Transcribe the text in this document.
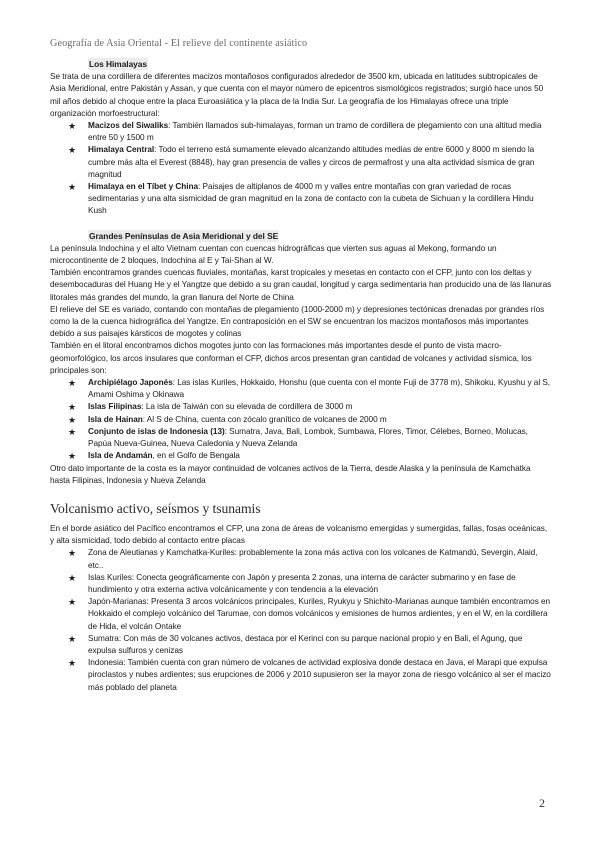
Geografía de Asia Oriental - El relieve del continente asiático
Los Himalayas

Se trata de una cordillera de diferentes macizos montañosos configurados alrededor de 3500 km, ubicada en latitudes subtropicales de Asia Meridional, entre Pakistán y Assan, y que cuenta con el mayor número de epicentros sismológicos registrados; surgió hace unos 50 mil años debido al choque entre la placa Euroasiática y la placa de la India Sur. La geografía de los Himalayas ofrece una triple organización morfoestructural:

★ Macizos del Siwaliks: También llamados sub-himalayas, forman un tramo de cordillera de plegamiento con una altitud media entre 50 y 1500 m
★ Himalaya Central: Todo el terreno está sumamente elevado alcanzando altitudes medias de entre 6000 y 8000 m siendo la cumbre más alta el Everest (8848), hay gran presencia de valles y circos de permafrost y una alta actividad sísmica de gran magnitud
★ Himalaya en el Tíbet y China: Paisajes de altiplanos de 4000 m y valles entre montañas con gran variedad de rocas sedimentarias y una alta sismicidad de gran magnitud en la zona de contacto con la cubeta de Sichuan y la cordillera Hindu Kush
Grandes Penínsulas de Asia Meridional y del SE

La península Indochina y el alto Vietnam cuentan con cuencas hidrográficas que vierten sus aguas al Mekong, formando un microcontinente de 2 bloques, Indochina al E y Tai-Shan al W.

También encontramos grandes cuencas fluviales, montañas, karst tropicales y mesetas en contacto con el CFP, junto con los deltas y desembocaduras del Huang He y el Yangtze que debido a su gran caudal, longitud y carga sedimentaria han producido una de las llanuras litorales más grandes del mundo, la gran llanura del Norte de China

El relieve del SE es variado, contando con montañas de plegamiento (1000-2000 m) y depresiones tectónicas drenadas por grandes ríos como la de la cuenca hidrográfica del Yangtze. En contraposición en el SW se encuentran los macizos montañosos más importantes debido a sus paisajes kársticos de mogotes y colinas

También en el litoral encontramos dichos mogotes junto con las formaciones más importantes desde el punto de vista macro-geomorfológico, los arcos insulares que conforman el CFP, dichos arcos presentan gran cantidad de volcanes y actividad sísmica, los principales son:

★ Archipiélago Japonés: Las islas Kuriles, Hokkaido, Honshu (que cuenta con el monte Fuji de 3778 m), Shikoku, Kyushu y al S, Amami Oshima y Okinawa
★ Islas Filipinas: La isla de Taiwán con su elevada de cordillera de 3000 m
★ Isla de Hainan: Al S de China, cuenta con zócalo granítico de volcanes de 2000 m
★ Conjunto de islas de Indonesia (13): Sumatra, Java, Bali, Lombok, Sumbawa, Flores, Timor, Célebes, Borneo, Molucas, Papúa Nueva-Guinea, Nueva Caledonia y Nueva Zelanda
★ Isla de Andamán, en el Golfo de Bengala

Otro dato importante de la costa es la mayor continuidad de volcanes activos de la Tierra, desde Alaska y la península de Kamchatka hasta Filipinas, Indonesia y Nueva Zelanda

Volcanismo activo, seísmos y tsunamis

En el borde asiático del Pacífico encontramos el CFP, una zona de áreas de volcanismo emergidas y sumergidas, fallas, fosas oceánicas, y alta sismicidad, todo debido al contacto entre placas

★ Zona de Aleutianas y Kamchatka-Kuriles: probablemente la zona más activa con los volcanes de Katmandú, Severgin, Alaid, etc..
★ Islas Kuriles: Conecta geográficamente con Japón y presenta 2 zonas, una interna de carácter submarino y en fase de hundimiento y otra externa activa volcánicamente y con tendencia a la elevación
★ Japón-Marianas: Presenta 3 arcos volcánicos principales, Kuriles, Ryukyu y Shichito-Marianas aunque también encontramos en Hokkaido el complejo volcánico del Tarumae, con domos volcánicos y emisiones de humos ardientes, y en el W, en la cordillera de Hida, el volcán Ontake
★ Sumatra: Con más de 30 volcanes activos, destaca por el Kerinci con su parque nacional propio y en Bali, el Agung, que expulsa sulfuros y cenizas
★ Indonesia: También cuenta con gran número de volcanes de actividad explosiva donde destaca en Java, el Marapi que expulsa piroclastos y nubes ardientes; sus erupciones de 2006 y 2010 supusieron ser la mayor zona de riesgo volcánico al ser el macizo más poblado del planeta
2
